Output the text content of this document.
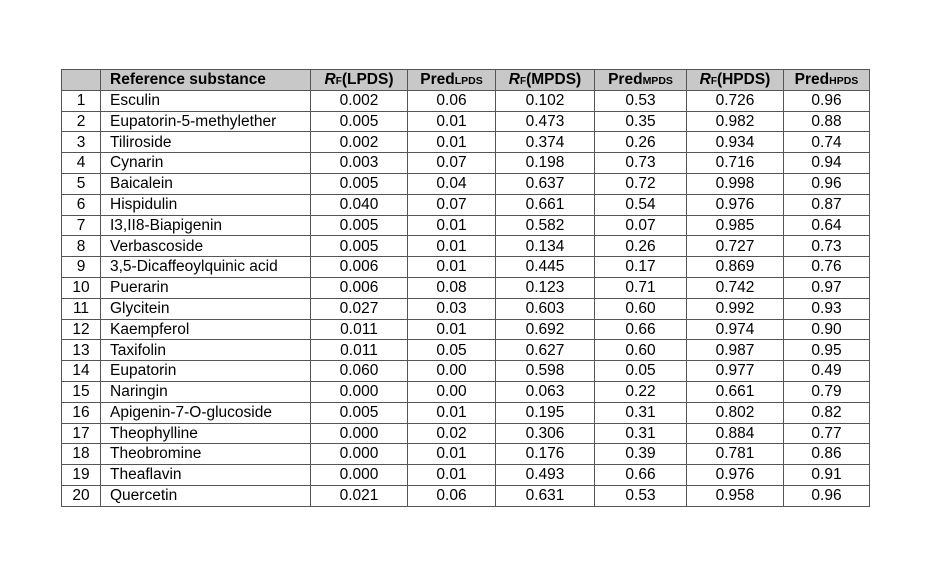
	Reference substance	RF(LPDS)	PredLPDS	RF(MPDS)	PredMPDS	RF(HPDS)	PredHPDS
1	Esculin	0.002	0.06	0.102	0.53	0.726	0.96
2	Eupatorin-5-methylether	0.005	0.01	0.473	0.35	0.982	0.88
3	Tiliroside	0.002	0.01	0.374	0.26	0.934	0.74
4	Cynarin	0.003	0.07	0.198	0.73	0.716	0.94
5	Baicalein	0.005	0.04	0.637	0.72	0.998	0.96
6	Hispidulin	0.040	0.07	0.661	0.54	0.976	0.87
7	I3,II8-Biapigenin	0.005	0.01	0.582	0.07	0.985	0.64
8	Verbascoside	0.005	0.01	0.134	0.26	0.727	0.73
9	3,5-Dicaffeoylquinic acid	0.006	0.01	0.445	0.17	0.869	0.76
10	Puerarin	0.006	0.08	0.123	0.71	0.742	0.97
11	Glycitein	0.027	0.03	0.603	0.60	0.992	0.93
12	Kaempferol	0.011	0.01	0.692	0.66	0.974	0.90
13	Taxifolin	0.011	0.05	0.627	0.60	0.987	0.95
14	Eupatorin	0.060	0.00	0.598	0.05	0.977	0.49
15	Naringin	0.000	0.00	0.063	0.22	0.661	0.79
16	Apigenin-7-O-glucoside	0.005	0.01	0.195	0.31	0.802	0.82
17	Theophylline	0.000	0.02	0.306	0.31	0.884	0.77
18	Theobromine	0.000	0.01	0.176	0.39	0.781	0.86
19	Theaflavin	0.000	0.01	0.493	0.66	0.976	0.91
20	Quercetin	0.021	0.06	0.631	0.53	0.958	0.96
